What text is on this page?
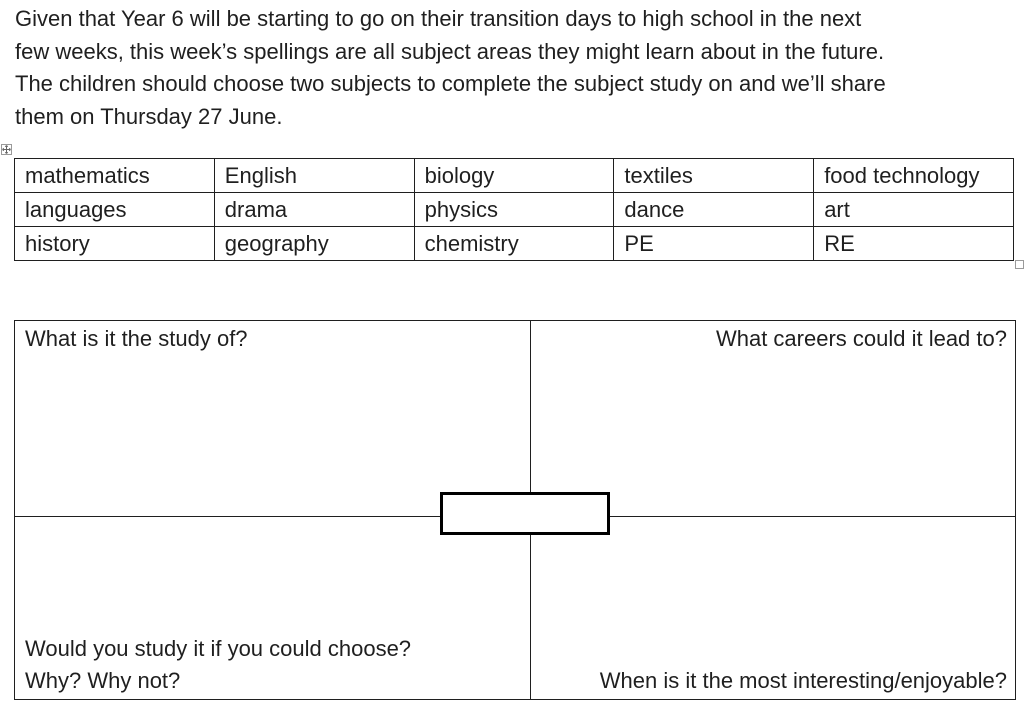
Given that Year 6 will be starting to go on their transition days to high school in the next
few weeks, this week’s spellings are all subject areas they might learn about in the future.
The children should choose two subjects to complete the subject study on and we’ll share
them on Thursday 27 June.

mathematics	English	biology	textiles	food technology
languages	drama	physics	dance	art
history	geography	chemistry	PE	RE

What is it the study of?	What careers could it lead to?

Would you study it if you could choose?
Why? Why not?	When is it the most interesting/enjoyable?
